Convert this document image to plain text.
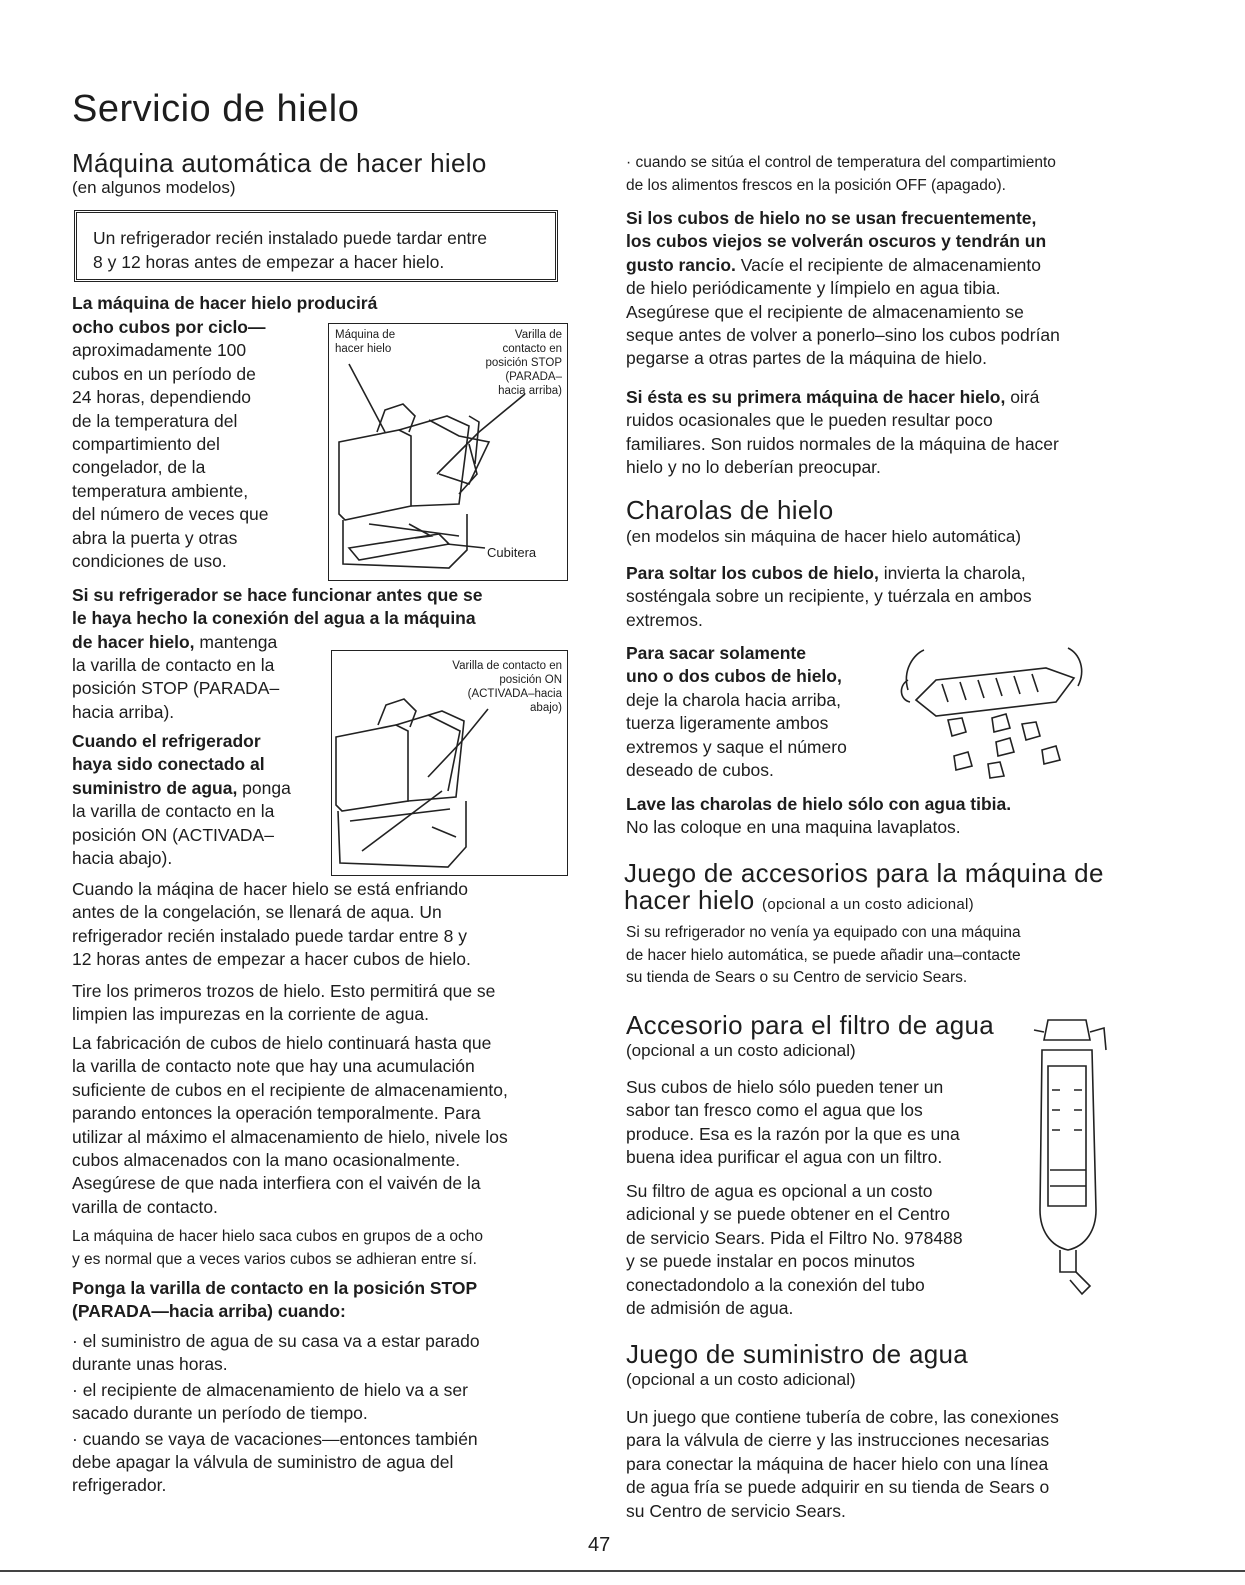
Servicio de hielo
Máquina automática de hacer hielo

(en algunos modelos)

Un refrigerador recién instalado puede tardar entre
8 y 12 horas antes de empezar a hacer hielo.

La máquina de hacer hielo producirá

ocho cubos por ciclo—
aproximadamente 100
cubos en un período de
24 horas, dependiendo
de la temperatura del
compartimiento del
congelador, de la
temperatura ambiente,
del número de veces que
abra la puerta y otras
condiciones de uso.
Máquina de hacer hielo
Varilla de
contacto en
posición STOP
(PARADA–
hacia arriba)
Cubitera
Si su refrigerador se hace funcionar antes que se
le haya hecho la conexión del agua a la máquina
de hacer hielo, mantenga
la varilla de contacto en la
posición STOP (PARADA–
hacia arriba).
Cuando el refrigerador
haya sido conectado al
suministro de agua, ponga
la varilla de contacto en la
posición ON (ACTIVADA–
hacia abajo).
Varilla de contacto en
posición ON
(ACTIVADA–hacia
abajo)
Cuando la máqina de hacer hielo se está enfriando
antes de la congelación, se llenará de aqua. Un
refrigerador recién instalado puede tardar entre 8 y
12 horas antes de empezar a hacer cubos de hielo.
Tire los primeros trozos de hielo. Esto permitirá que se
limpien las impurezas en la corriente de agua.
La fabricación de cubos de hielo continuará hasta que
la varilla de contacto note que hay una acumulación
suficiente de cubos en el recipiente de almacenamiento,
parando entonces la operación temporalmente. Para
utilizar al máximo el almacenamiento de hielo, nivele los
cubos almacenados con la mano ocasionalmente.
Asegúrese de que nada interfiera con el vaivén de la
varilla de contacto.
La máquina de hacer hielo saca cubos en grupos de a ocho
y es normal que a veces varios cubos se adhieran entre sí.
Ponga la varilla de contacto en la posición STOP
(PARADA—hacia arriba) cuando:
· el suministro de agua de su casa va a estar parado
durante unas horas.
· el recipiente de almacenamiento de hielo va a ser
sacado durante un período de tiempo.
· cuando se vaya de vacaciones—entonces también
debe apagar la válvula de suministro de agua del
refrigerador.
· cuando se sitúa el control de temperatura del compartimiento
de los alimentos frescos en la posición OFF (apagado).
Si los cubos de hielo no se usan frecuentemente,
los cubos viejos se volverán oscuros y tendrán un
gusto rancio. Vacíe el recipiente de almacenamiento
de hielo periódicamente y límpielo en agua tibia.
Asegúrese que el recipiente de almacenamiento se
seque antes de volver a ponerlo–sino los cubos podrían
pegarse a otras partes de la máquina de hielo.
Si ésta es su primera máquina de hacer hielo, oirá
ruidos ocasionales que le pueden resultar poco
familiares. Son ruidos normales de la máquina de hacer
hielo y no lo deberían preocupar.
Charolas de hielo

(en modelos sin máquina de hacer hielo automática)

Para soltar los cubos de hielo, invierta la charola,
sosténgala sobre un recipiente, y tuérzala en ambos
extremos.
Para sacar solamente
uno o dos cubos de hielo,
deje la charola hacia arriba,
tuerza ligeramente ambos
extremos y saque el número
deseado de cubos.
Lave las charolas de hielo sólo con agua tibia.
No las coloque en una maquina lavaplatos.
Juego de accesorios para la máquina de
hacer hielo (opcional a un costo adicional)
Si su refrigerador no venía ya equipado con una máquina
de hacer hielo automática, se puede añadir una–contacte
su tienda de Sears o su Centro de servicio Sears.
Accesorio para el filtro de agua

(opcional a un costo adicional)

Sus cubos de hielo sólo pueden tener un
sabor tan fresco como el agua que los
produce. Esa es la razón por la que es una
buena idea purificar el agua con un filtro.
Su filtro de agua es opcional a un costo
adicional y se puede obtener en el Centro
de servicio Sears. Pida el Filtro No. 978488
y se puede instalar en pocos minutos
conectadondolo a la conexión del tubo
de admisión de agua.
Juego de suministro de agua

(opcional a un costo adicional)

Un juego que contiene tubería de cobre, las conexiones
para la válvula de cierre y las instrucciones necesarias
para conectar la máquina de hacer hielo con una línea
de agua fría se puede adquirir en su tienda de Sears o
su Centro de servicio Sears.
47
